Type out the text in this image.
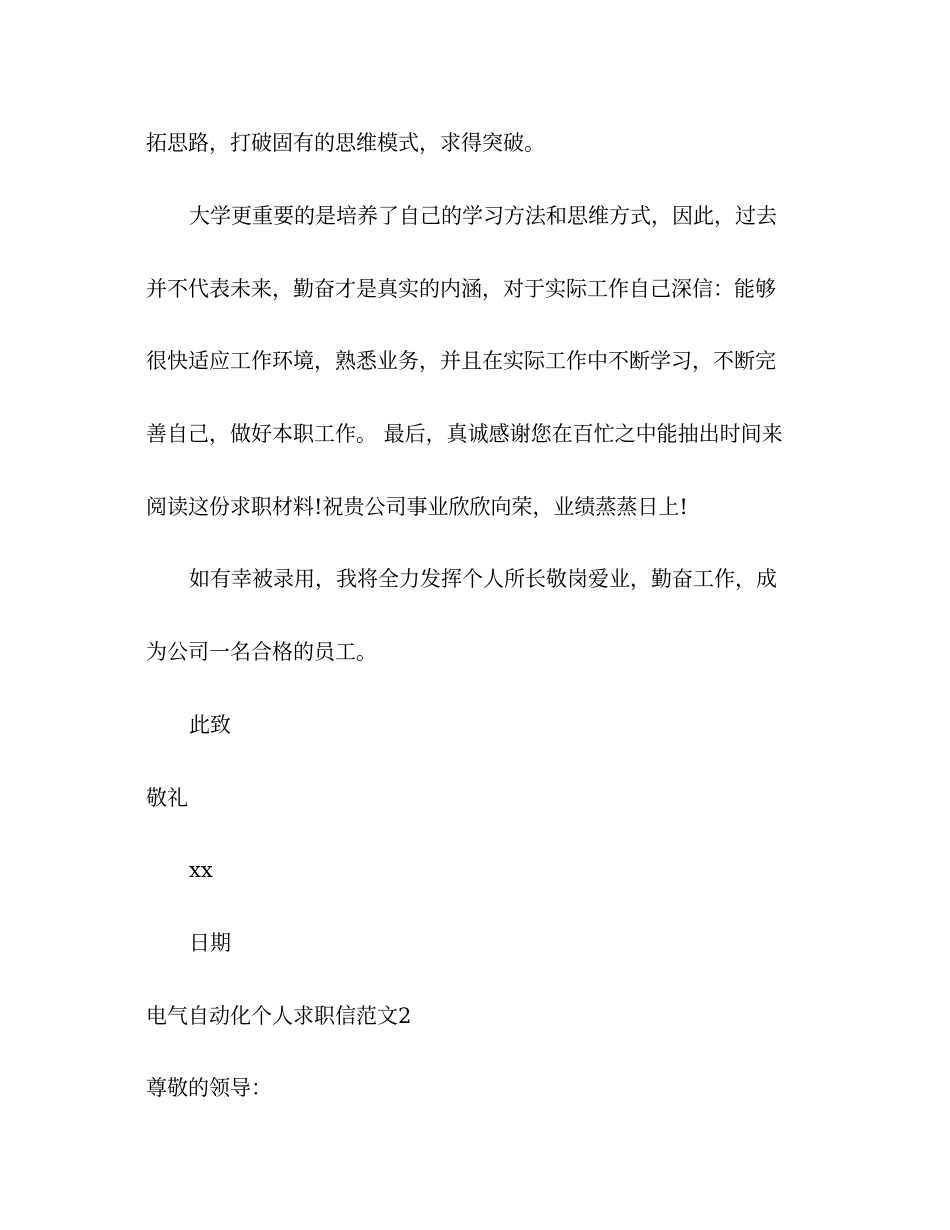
拓思路，打破固有的思维模式，求得突破。
大学更重要的是培养了自己的学习方法和思维方式，因此，过去
并不代表未来，勤奋才是真实的内涵，对于实际工作自己深信：能够
很快适应工作环境，熟悉业务，并且在实际工作中不断学习，不断完
善自己，做好本职工作。 最后，真诚感谢您在百忙之中能抽出时间来
阅读这份求职材料!祝贵公司事业欣欣向荣，业绩蒸蒸日上!
如有幸被录用，我将全力发挥个人所长敬岗爱业，勤奋工作，成
为公司一名合格的员工。
此致
敬礼
xx
日期
电气自动化个人求职信范文2
尊敬的领导：
